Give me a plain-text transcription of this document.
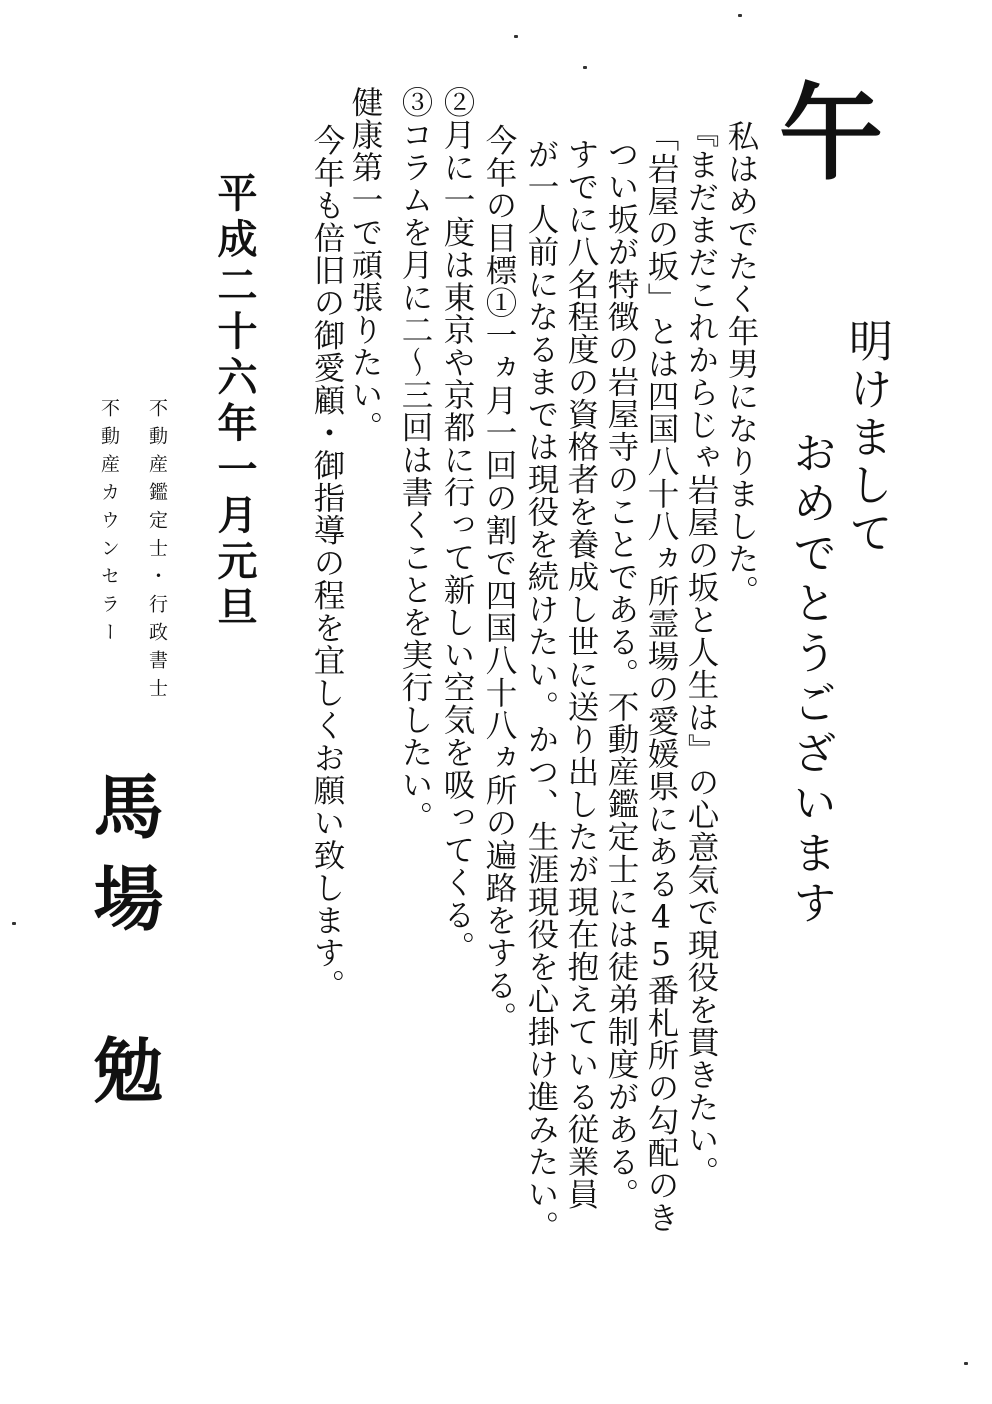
午
明けまして
おめでとうございます
私はめでたく年男になりました。
『まだまだこれからじゃ岩屋の坂と人生は』の心意気で現役を貫きたい。
「岩屋の坂」とは四国八十八ヵ所霊場の愛媛県にある45番札所の勾配のき
つい坂が特徴の岩屋寺のことである。不動産鑑定士には徒弟制度がある。
すでに八名程度の資格者を養成し世に送り出したが現在抱えている従業員
が一人前になるまでは現役を続けたい。かつ、生涯現役を心掛け進みたい。
今年の目標①一ヵ月一回の割で四国八十八ヵ所の遍路をする。
②月に一度は東京や京都に行って新しい空気を吸ってくる。
③コラムを月に二～三回は書くことを実行したい。
健康第一で頑張りたい。
今年も倍旧の御愛顧・御指導の程を宜しくお願い致します。
平成二十六年一月元旦
不動産鑑定士・行政書士
不動産カウンセラー
馬場
勉
